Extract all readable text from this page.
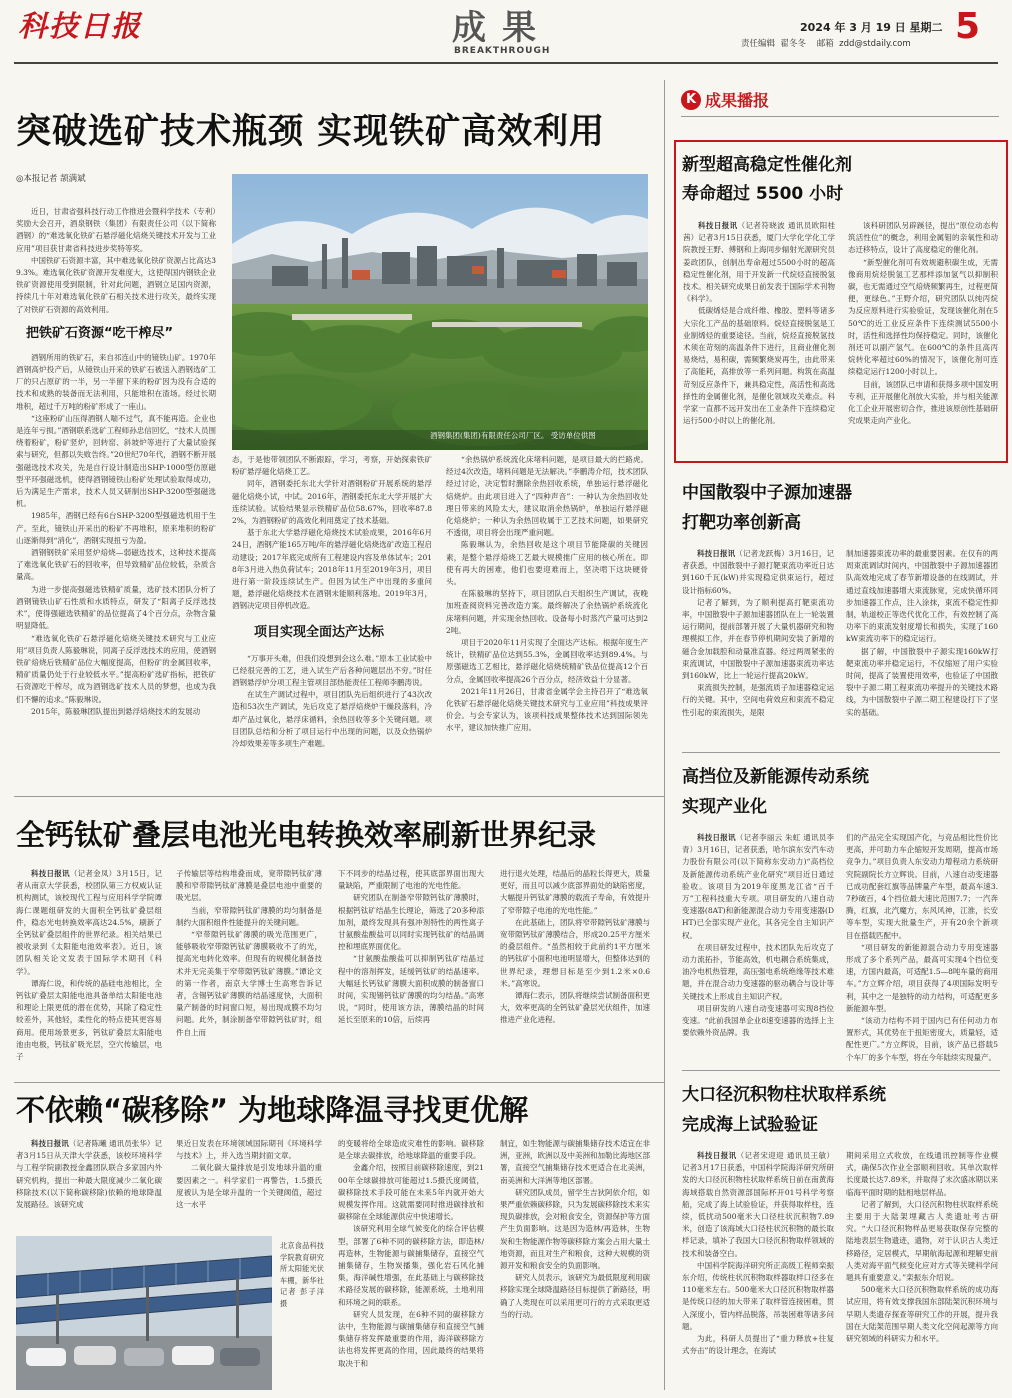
科技日报	成果
BREAKTHROUGH
2024 年 3 月 19 日 星期二
责任编辑  翟冬冬    邮箱  zdd@stdaily.com 5
突破选矿技术瓶颈 实现铁矿高效利用
◎本报记者 颉满斌

近日，甘肃省强科技行动工作推进会暨科学技术（专利）奖励大会召开，酒泉钢铁（集团）有限责任公司（以下简称酒钢）的“难选氧化铁矿石悬浮磁化焙烧关键技术开发与工业应用”项目获甘肃省科技进步奖特等奖。

中国铁矿石资源丰富，其中难选氧化铁矿资源占比高达39.3%。难选氧化铁矿资源开发难度大，这使得国内钢铁企业铁矿资源使用受到限制，针对此问题，酒钢立足国内资源，持续几十年对难选氧化铁矿石相关技术进行攻关，最终实现了对铁矿石资源的高效利用。

把铁矿石资源“吃干榨尽”

酒钢所用的铁矿石，来自祁连山中的镜铁山矿。1970年酒钢高炉投产后，从镜铁山开采的铁矿石被送入酒钢选矿工厂的只占原矿的一半，另一半留下来的粉矿因为没有合适的技术和成熟的装备而无法利用，只能堆积在渣场。经过长期堆积，超过千万吨的粉矿形成了一座山。

“这座粉矿山压得酒钢人喘不过气，真不能再造。企业也是连年亏损。”酒钢联系选矿工程师孙忠信回忆，“技术人员围绕着粉矿，粉矿竖炉，回转窑、斜坡炉等进行了大量试验探索与研究，但都以失败告终。”20世纪70年代，酒钢不断开展强磁选技术攻关，先是自行设计制造出SHP-1000型仿原磁型平环强磁选机，使得酒钢镜铁山粉矿处理试验取得成功，后为满足生产需求，技术人员又研制出SHP-3200型强磁选机。

1985年，酒钢已经有6台SHP-3200型强磁选机用于生产。至此，镜铁山开采出的粉矿不再堆积，原来堆积的粉矿山逐渐得到“消化”，酒钢实现扭亏为盈。

酒钢钢铁矿采用竖炉焙烧—弱磁选技术，这种技术提高了难选氧化铁矿石的回收率，但导致精矿品位较低，杂质含量高。

为进一步提高强磁选铁精矿质量，选矿技术团队分析了酒钢镜铁山矿石性质和水质特点，研发了“阳离子反浮选技术”，使得强磁选铁精矿的品位提高了4个百分点，杂物含量明显降低。

“难选氧化铁矿石悬浮磁化焙烧关键技术研究与工业应用”项目负责人陈毅琳说，同离子反浮选技术的应用，使酒钢铁矿焙烧后铁精矿品位大幅度提高，但粉矿的金属回收率，精矿质量仍处于行业较低水平。”提高粉矿选矿指标，把铁矿石资源吃干榨尽，成为酒钢选矿技术人员的梦想，也成为我们不懈的追求。”陈毅琳说。

2015年，陈毅琳团队提出到悬浮焙烧技术的发展动

酒钢集团(集团)有限责任公司厂区。 受访单位供图

态，于是他带领团队不断跟踪，学习，考察，开始探索铁矿粉矿悬浮磁化焙烧工艺。

同年，酒钢委托东北大学针对酒钢粉矿开展系统的悬浮磁化焙烧小试，中试。2016年，酒钢委托东北大学开展扩大连续试验。试验结果显示铁精矿品位58.67%，回收率87.82%，为酒钢粉矿的高效化利用奠定了技术基础。

基于东北大学悬浮磁化焙烧技术试验成果，2016年6月24日，酒钢产能165万吨/年的悬浮磁化焙烧选矿改造工程启动建设；2017年底完成所有工程建设内容及单体试车；2018年3月进入热负荷试车；2018年11月至2019年3月，项目进行第一阶段连续试生产。但因为试生产中出现的多重问题，悬浮磁化焙烧技术在酒钢未能顺利落地。2019年3月，酒钢决定项目停机改造。

项目实现全面达产达标

“万事开头难，但我们没想到会这么难。”原本工业试验中已经很完善的工艺，进入试生产后各种问题层出不穷。”时任酒钢悬浮炉分项工程主管项目部热能责任工程师李鹏涛说。

在试生产调试过程中，项目团队先后组织进行了43次改造和53次生产调试，先后攻克了悬浮焙烧炉干燥段落料，冷却产品过氧化，悬浮床循料，余热回收等多个关键问题。项目团队总结和分析了项目运行中出现的问题，以及众热锅炉冷却效果差等多项生产难题。

“余热锅炉系统流化床堵料问题，是项目最大的拦路虎。经过4次改造，堵料问题是无法解决。”李鹏涛介绍，技术团队经过讨论，决定暂时删除余热回收系统，单独运行悬浮磁化焙烧炉。由此项目进入了“四种声音”：一种认为余热回收处理日带来的风险太大，建议取消余热锅炉，单独运行悬浮磁化焙烧炉；一种认为余热回收属于工艺技术问题，如果研究不透彻，项目将会出现严重问题。

陈毅琳认为，余热回收是这个项目节能降碳的关键因素，是整个悬浮焙烧工艺最大规模推广应用的核心所在。即使有再大的困难，他们也要迎难而上，坚决啃下这块硬骨头。

在陈毅琳的坚持下，项目团队白天组织生产调试，夜晚加班查阅资料完善改造方案。最终解决了余热锅炉系统流化床堵料问题，并实现余热回收。设备每小时蒸汽产量可达到22吨。

项目于2020年11月实现了全面达产达标。根据年度生产统计，铁精矿品位达到55.3%，金属回收率达到89.4%。与原强磁选工艺相比，悬浮磁化焙烧统精矿铁品位提高12个百分点，金属回收率提高26个百分点，经济效益十分显著。

2021年11月26日，甘肃省金属学会主持召开了“难选氧化铁矿石悬浮磁化焙烧关键技术研究与工业应用”科技成果评价会。与会专家认为，该项科技成果整体技术达到国际领先水平，建议加快推广应用。

K 成果播报
新型超高稳定性催化剂
寿命超过 5500 小时

科技日报讯（记者符晓波 通讯员欧阳桂茜）记者3月15日获悉，厦门大学化学化工学院教授王野、傅钢和上海同步辐射光源研究员姜政团队，创制出寿命超过5500小时的超高稳定性催化剂，用于开发新一代烷烃直接脱氢技术。相关研究成果日前发表于国际学术刊物《科学》。

低碳烯烃是合成纤维、橡胶、塑料等诸多大宗化工产品的基础原料。烷烃直接脱氢是工业制烯烃的重要途径。当前，烷烃直接脱氢技术须在苛刻的高温条件下进行，且商业催化剂易烧结，易积碳，需频繁烧炭再生，由此带来了高能耗，高排放等一系列问题。构筑在高温苛刻反应条件下，兼具稳定性，高活性和高选择性的金属催化剂，是催化领域攻关难点。科学家一直都不远开发出在工业条件下连续稳定运行500小时以上的催化剂。

该科研团队另辟蹊径，提出“原位动态构筑活性位”的概念，利用金属钼的亲氧性和动态迁移特点，设计了高度稳定的催化剂。

“新型催化剂可有效规避积碳生成，无需像商用烷烃脱氢工艺那样添加氢气以抑制积碳，也无需通过空气焙烧频繁再生，过程更简便，更绿色。”王野介绍，研究团队以纯丙烷为反应原料进行实验验证，发现该催化剂在550℃的近工业反应条件下连续测试5500小时，活性和选择性均保持稳定。同时，该催化剂还可以副产氢气。在600℃的条件且高丙烷转化率超过60%的情况下，该催化剂可连续稳定运行1200小时以上。

目前，该团队已申请和获得多项中国发明专利，正开展催化剂放大实验，并与相关能源化工企业开展密切合作，推进该原创性基础研究成果走向产业化。

中国散裂中子源加速器
打靶功率创新高

科技日报讯（记者龙跃梅）3月16日，记者获悉，中国散裂中子源打靶束流功率近日达到160千瓦(kW)并实现稳定供束运行，超过设计指标60%。

记者了解到，为了顺利提高打靶束流功率，中国散裂中子源加速器团队在上一轮装置运行期间，提前部署开展了大量机器研究和物理模拟工作，并在春节停机期间安装了新增的磁合金加载腔和动量准直器。经过两周紧张的束流调试，中国散裂中子源加速器束流功率达到160kW，比上一轮运行提高20kW。

束流损失控制，是强流质子加速器稳定运行的关键。其中，空间电荷效应和束流不稳定性引起的束流损失，是限

制加速器束流功率的最重要因素。在仅有的两周束流调试时间内，中国散裂中子源加速器团队高效地完成了春节新增设备的在线调试，并通过直线加速器增大束流脉宽，完成快循环同步加速器工作点，注入涂抹，束流不稳定性抑制，轨道校正等迭代优化工作，有效控制了高功率下的束流发射度增长和损失，实现了160kW束流功率下的稳定运行。

据了解，中国散裂中子源实现160kW打靶束流功率并稳定运行，不仅缩短了用户实验时间，提高了装置使用效率，也验证了中国散裂中子源二期工程束流功率提升的关键技术路线，为中国散裂中子源二期工程建设打下了坚实的基础。

高挡位及新能源传动系统
实现产业化

科技日报讯（记者李丽云 朱虹 通讯员李青）3月16日，记者获悉，哈尔滨东安汽车动力股份有限公司(以下简称东安动力)“高档位及新能源传动系统产业化研究”项目近日通过验收。该项目为2019年度黑龙江省“百千万”工程科技重大专项。项目研发的八速自动变速器(8AT)和新能源混合动力专用变速器(DHT)已全部实现产业化，其各完全自主知识产权。

在项目研发过程中，技术团队先后攻克了动力流拓扑，节能高效，机电耦合系统集成，油冷电机热管理，高压强电系统绝缘等技术难题，并在混合动力变速器的驱动耦合与设计等关键技术上形成自主知识产权。

项目研发的八速自动变速器可实现8挡位变速。“此前我国单企业8速变速器的选择上主要依赖外资品牌。我

们的产品完全实现国产化，与竞品相比性价比更高，并可助力车企缩短开发周期，提高市场竞争力。”项目负责人东安动力增程动力系统研究院副院长方立辉说。目前，八速自动变速器已成功配套红旗等品牌量产车型，最高车速3.7秒破百，4个挡位最大速比范围7.7；一汽奔腾，红旗，北汽魔方，东风风神，江淮，长安等车型，实现大批量生产，开有20余个新项目在搭载匹配中。

“项目研发的新能源混合动力专用变速器形成了多个系列产品，最高可实现4个挡位变速，方国内最高，可适配1.5—8吨车量的商用车。”方立辉介绍，项目获得了4项国际发明专利，其中之一是独特的动力结构，可适配更多新能源车型。

“该动力结构不同于国内已有任何动力布置形式，其优势在于扭矩密度大，质量轻，适配性更广。”方立辉说，目前，该产品已搭载5个车厂的多个车型，将在今年陆续实现量产。

大口径沉积物柱状取样系统
完成海上试验验证

科技日报讯（记者宋迎迎 通讯员王敏）记者3月17日获悉，中国科学院海洋研究所研发的大口径沉积物柱状取样系统日前在南黄海海域搭载自然资源部国际杯开01号科学考察船，完成了海上试验验证，并获得取样柱，连续，低扰动500毫米大口径柱状沉积物7.89米，创造了该海域大口径柱状沉积物的最长取样记录，填补了我国大口径沉积物取样领域的技术和装备空白。

中国科学院海洋研究所正高级工程师栾振东介绍，传统柱状沉积物取样器取样口径多在110毫米左右。500毫米大口径沉积物取样器是传统口径的加大带来了取样管连接困难，贯入深度小，管内样品脱落，吊装困难等诸多问题。

为此，科研人员提出了“重力释放+往复式夯击”的设计理念，在海试

期间采用立式收放，在线通讯控制等作业模式，确保5次作业全部顺利回收。其单次取样长度最长达7.89米，并取得了末次盛冰期以来临海平面时期的陆相地层样品。

记者了解到，大口径沉积物柱状取样系统主要用于大陆架埋藏古人类遗址考古研究。“大口径沉积物样品更易获取保存完整的陆地表层生物遗迹，遗物，对于认识古人类迁移路径，定居模式，早期航海起源和理解史前人类对海平面气候变化应对方式等关键科学问题具有重要意义。”栾振东介绍说。

500毫米大口径沉积物取样系统的成功海试应用，将有效支撑我国东部陆架沉积环境与早期人类遗存探查等研究工作的开展，提升我国在大陆架范围早期人类文化空间起源等方向研究领域的科研实力和水平。

全钙钛矿叠层电池光电转换效率刷新世界纪录

科技日报讯（记者金凤）3月15日，记者从南京大学获悉，校团队第三方权威认证机构测试，该校现代工程与应用科学学院谭海仁课题组研发的大面积全钙钛矿叠层组件，稳态光电转换效率高达24.5%，刷新了全钙钛矿叠层组件的世界纪录。相关结果已被收录到《太阳能电池效率表》。近日，该团队相关论文发表于国际学术期刊《科学》。

谭海仁说，和传统的晶硅电池相比，全钙钛矿叠层太阳能电池具备单结太阳能电池和理论上限更低的潜在优势，其除了稳定性较差外，其他轻，柔性化的特点使其更容易商用。使用场景更多，钙钛矿叠层太阳能电池由电极，钙钛矿吸光层，空穴传输层，电子

子传输层等结构堆叠而成，宽带隙钙钛矿薄膜和窄带隙钙钛矿薄膜是叠层电池中重要的吸光层。

当前，窄带隙钙钛矿薄膜的均匀制备是制约大面积组件性能提升的关键问题。

“窄带隙钙钛矿薄膜的吸光范围更广，能够吸收窄带隙钙钛矿薄膜吸收不了的光，提高光电转化效率。但现有的规模化制备技术并无完美集于窄带隙钙钛矿薄膜。”谭论文的第一作者，南京大学博士生高寒告诉记者，含锡钙钛矿薄膜的结晶速度快，大面积量产制备的时间窗口短，易出现成膜不均匀问题。此外，制涂制备窄带隙钙钛矿时，组件自上而

下不同步的结晶过程，使其底部界面出现大量缺陷，严重限制了电池的光电性能。

研究团队在制备窄带隙钙钛矿薄膜时，根据钙钛矿结晶生长理论，筛选了20多种添加剂，最终发现具有强冲剂特性的两性离子甘氨酸盐酸盐可以同时实现钙钛矿的结晶调控和埋底界面优化。

“甘氨酸盐酸盐可以抑制钙钛矿结晶过程中的溶剂挥发，延缓钙钛矿的结晶速率。大幅延长钙钛矿薄膜大面积成膜的制备窗口时间，实现锡钙钛矿薄膜的均匀结晶。”高寒说，“同时，使用该方法，薄膜结晶的时间延长至原来的10倍，后续再

进行退火处理，结晶后的晶粒长得更大，质量更好，而且可以减少底部界面处的缺陷密度，大幅提升钙钛矿薄膜的载流子寿命，有效提升了窄带隙子电池的光电性能。”

在此基础上，团队将窄带隙钙钛矿薄膜与宽带隙钙钛矿薄膜结合，形成20.25平方厘米的叠层组件。“虽然相较于此前约1平方厘米的钙钛矿小面积电池明显增大，但整体达到的世界纪录，理想目标是至少到1.2米×0.6米。”高寒说。

谭海仁表示，团队将继续尝试制备面积更大，效率更高的全钙钛矿叠层光伏组件，加速推进产业化进程。

不依赖“碳移除” 为地球降温寻找更优解

科技日报讯（记者陈曦 通讯员张华）记者3月15日从天津大学获悉，该校环境科学与工程学院副教授金鑫团队联合多家国内外研究机构，提出一种最大限度减少二氧化碳移除技术(以下简称碳移除)依赖的地球降温发展路径。该研究成

果近日发表在环境领域国际期刊《环境科学与技术》上，并入选当期封面文章。

二氧化碳大量排放是引发地球升温的重要因素之一。科学家们一再警告，1.5摄氏度被认为是全球升温的一个关键阈值，超过这一水平

北京食品科技学院教育研究所太阳能光伏车棚，新华社记者 彭子洋摄

的变暖将给全球造成灾难性的影响。碳移除是全球去碳排放，给地球降温的重要手段。

金鑫介绍，按照目前碳移除速度，到2100年全球碳排放可能超过1.5摄氏度阈值，碳移除技术手段可能在未来5年内就开始大规模发挥作用。这就需要同时推进碳排放和碳移除在全球能源供应中快速增长。

该研究利用全球气候变化的综合评估模型，部署了6种不同的碳移除方法，即造林/再造林，生物能源与碳捕集储存，直接空气捕集储存，生物炭播集，强化岩石风化捕集，海洋碱性增强，在此基础上与碳移除技术路径发展的碳移除，能源系统，土地利用和环境之间的联系。

研究人员发现，在6种不同的碳移除方法中，生物能源与碳捕集储存和直接空气捕集储存将发挥最重要的作用，海洋碳移除方法也将发挥更高的作用，因此最终的结果将取决于和

制宜，如生物能源与碳捕集储存技术适宜在非洲，亚洲，欧洲以及中美洲和加勒比海地区部署，直接空气捕集储存技术更适合在北美洲，南美洲和大洋洲等地区部署。

研究团队成员，留学生吉狄阿依介绍，如果严重依赖碳移除，只为发展碳移除技术来实现负碳排放，会对粮食安全，资源保护等方面产生负面影响。这是因为造林/再造林，生物炭和生物能源作物等碳移除方案会占用大量土地资源，而且对生产和粮食，这种大规模的资源开发和粮食安全的负面影响。

研究人员表示，该研究为最低限度利用碳移除实现全球降温路径目标提供了新路径，明确了人类现在可以采用更可行的方式采取更适当的行动。
